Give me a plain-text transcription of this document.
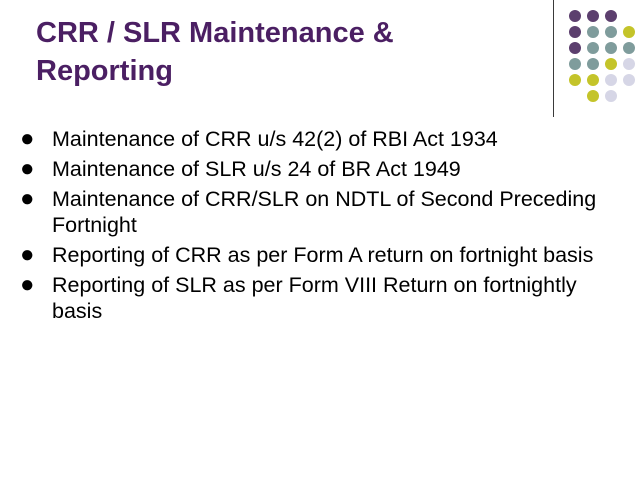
CRR / SLR Maintenance &
Reporting
● Maintenance of CRR u/s 42(2) of RBI Act 1934
● Maintenance of SLR u/s 24 of BR Act 1949
● Maintenance of CRR/SLR on NDTL of Second Preceding Fortnight
● Reporting of CRR as per Form A return on fortnight basis
● Reporting of SLR as per Form VIII Return on fortnightly basis
